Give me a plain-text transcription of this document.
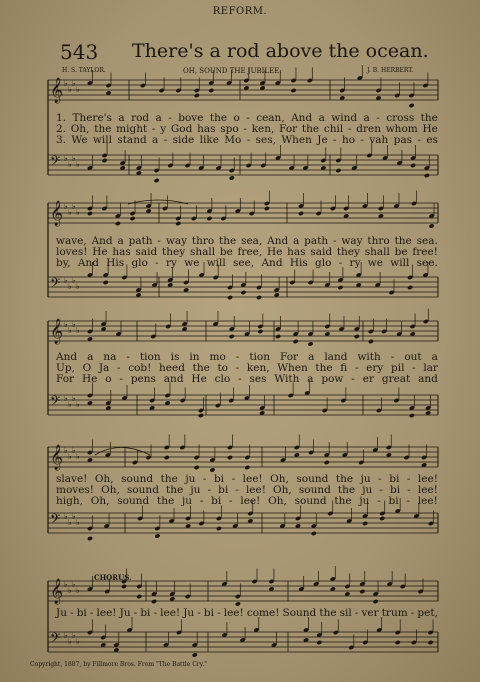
𝄞 ♭
♭
♭
♭
𝄢 ♭
♭
♭
♭
𝄞 ♭
♭
♭
♭
𝄢 ♭
♭
♭
♭
𝄞 ♭
♭
♭
♭
𝄢 ♭
♭
♭
♭
𝄞 ♭
♭
♭
♭
𝄢 ♭
♭
♭
♭
𝄞 ♭
♭
♭
♭
𝄢 ♭
♭
♭
♭
REFORM.
543 There's a rod above the ocean.
H. S. TAYLOR.	OH, SOUND THE JUBILEE.	J. B. HERBERT.
CHORUS.
Copyright, 1887, by Fillmore Bros. From "The Battle Cry."
1. There's a rod a - bove the o - cean, And a wind a - cross the
2. Oh, the might - y God has spo - ken, For the chil - dren whom He
3. We will stand a - side like Mo - ses, When Je - ho - vah pas - es
wave, And a path - way thro the sea, And a path - way thro the sea.
loves! He has said they shall be free, He has said they shall be free!
by, And His glo - ry we will see, And His glo - ry we will see.
And a na - tion is in mo - tion For a land with - out a
Up, O Ja - cob! heed the to - ken, When the fi - ery pil - lar
For He o - pens and He clo - ses With a pow - er great and
slave! Oh, sound the ju - bi - lee! Oh, sound the ju - bi - lee!
moves! Oh, sound the ju - bi - lee! Oh, sound the ju - bi - lee!
high, Oh, sound the ju - bi - lee! Oh, sound the ju - bi - lee!
Ju - bi - lee! Ju - bi - lee! Ju - bi - lee! come! Sound the sil - ver trum - pet,
